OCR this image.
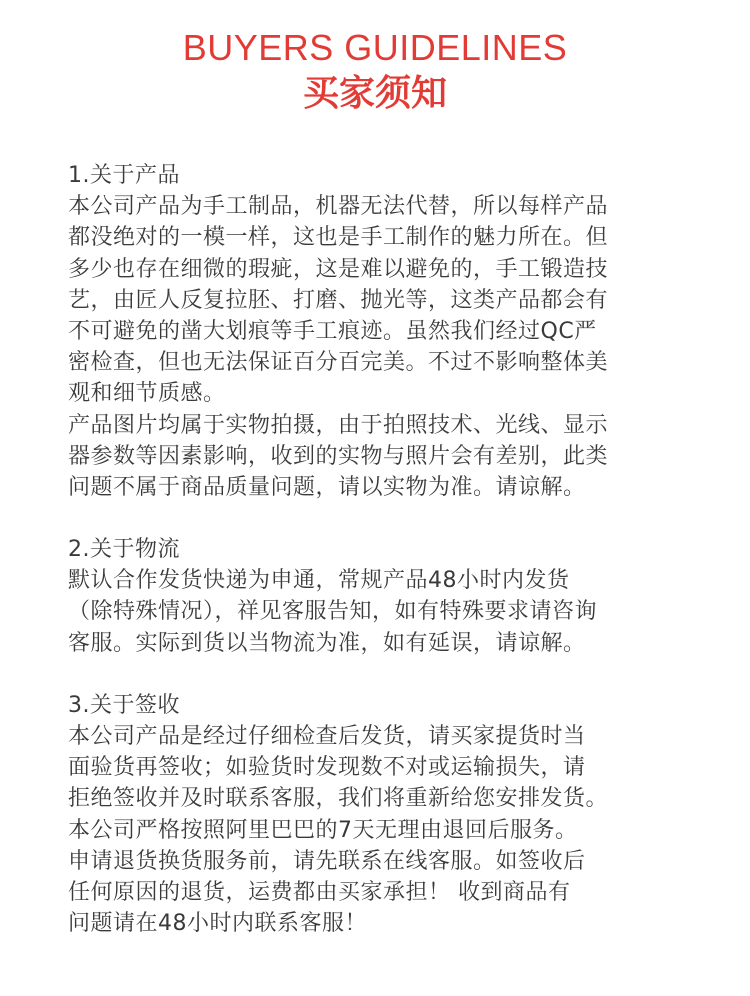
BUYERS GUIDELINES
买家须知

1.关于产品

本公司产品为手工制品，机器无法代替，所以每样产品

都没绝对的一模一样，这也是手工制作的魅力所在。但

多少也存在细微的瑕疵，这是难以避免的，手工锻造技

艺，由匠人反复拉胚、打磨、抛光等，这类产品都会有

不可避免的凿大划痕等手工痕迹。虽然我们经过QC严

密检查，但也无法保证百分百完美。不过不影响整体美

观和细节质感。

产品图片均属于实物拍摄，由于拍照技术、光线、显示

器参数等因素影响，收到的实物与照片会有差别，此类

问题不属于商品质量问题，请以实物为准。请谅解。

2.关于物流

默认合作发货快递为申通，常规产品48小时内发货

（除特殊情况），祥见客服告知，如有特殊要求请咨询

客服。实际到货以当物流为准，如有延误，请谅解。

3.关于签收

本公司产品是经过仔细检查后发货，请买家提货时当

面验货再签收；如验货时发现数不对或运输损失，请

拒绝签收并及时联系客服，我们将重新给您安排发货。

本公司严格按照阿里巴巴的7天无理由退回后服务。

申请退货换货服务前，请先联系在线客服。如签收后

任何原因的退货，运费都由买家承担！ 收到商品有

问题请在48小时内联系客服！
